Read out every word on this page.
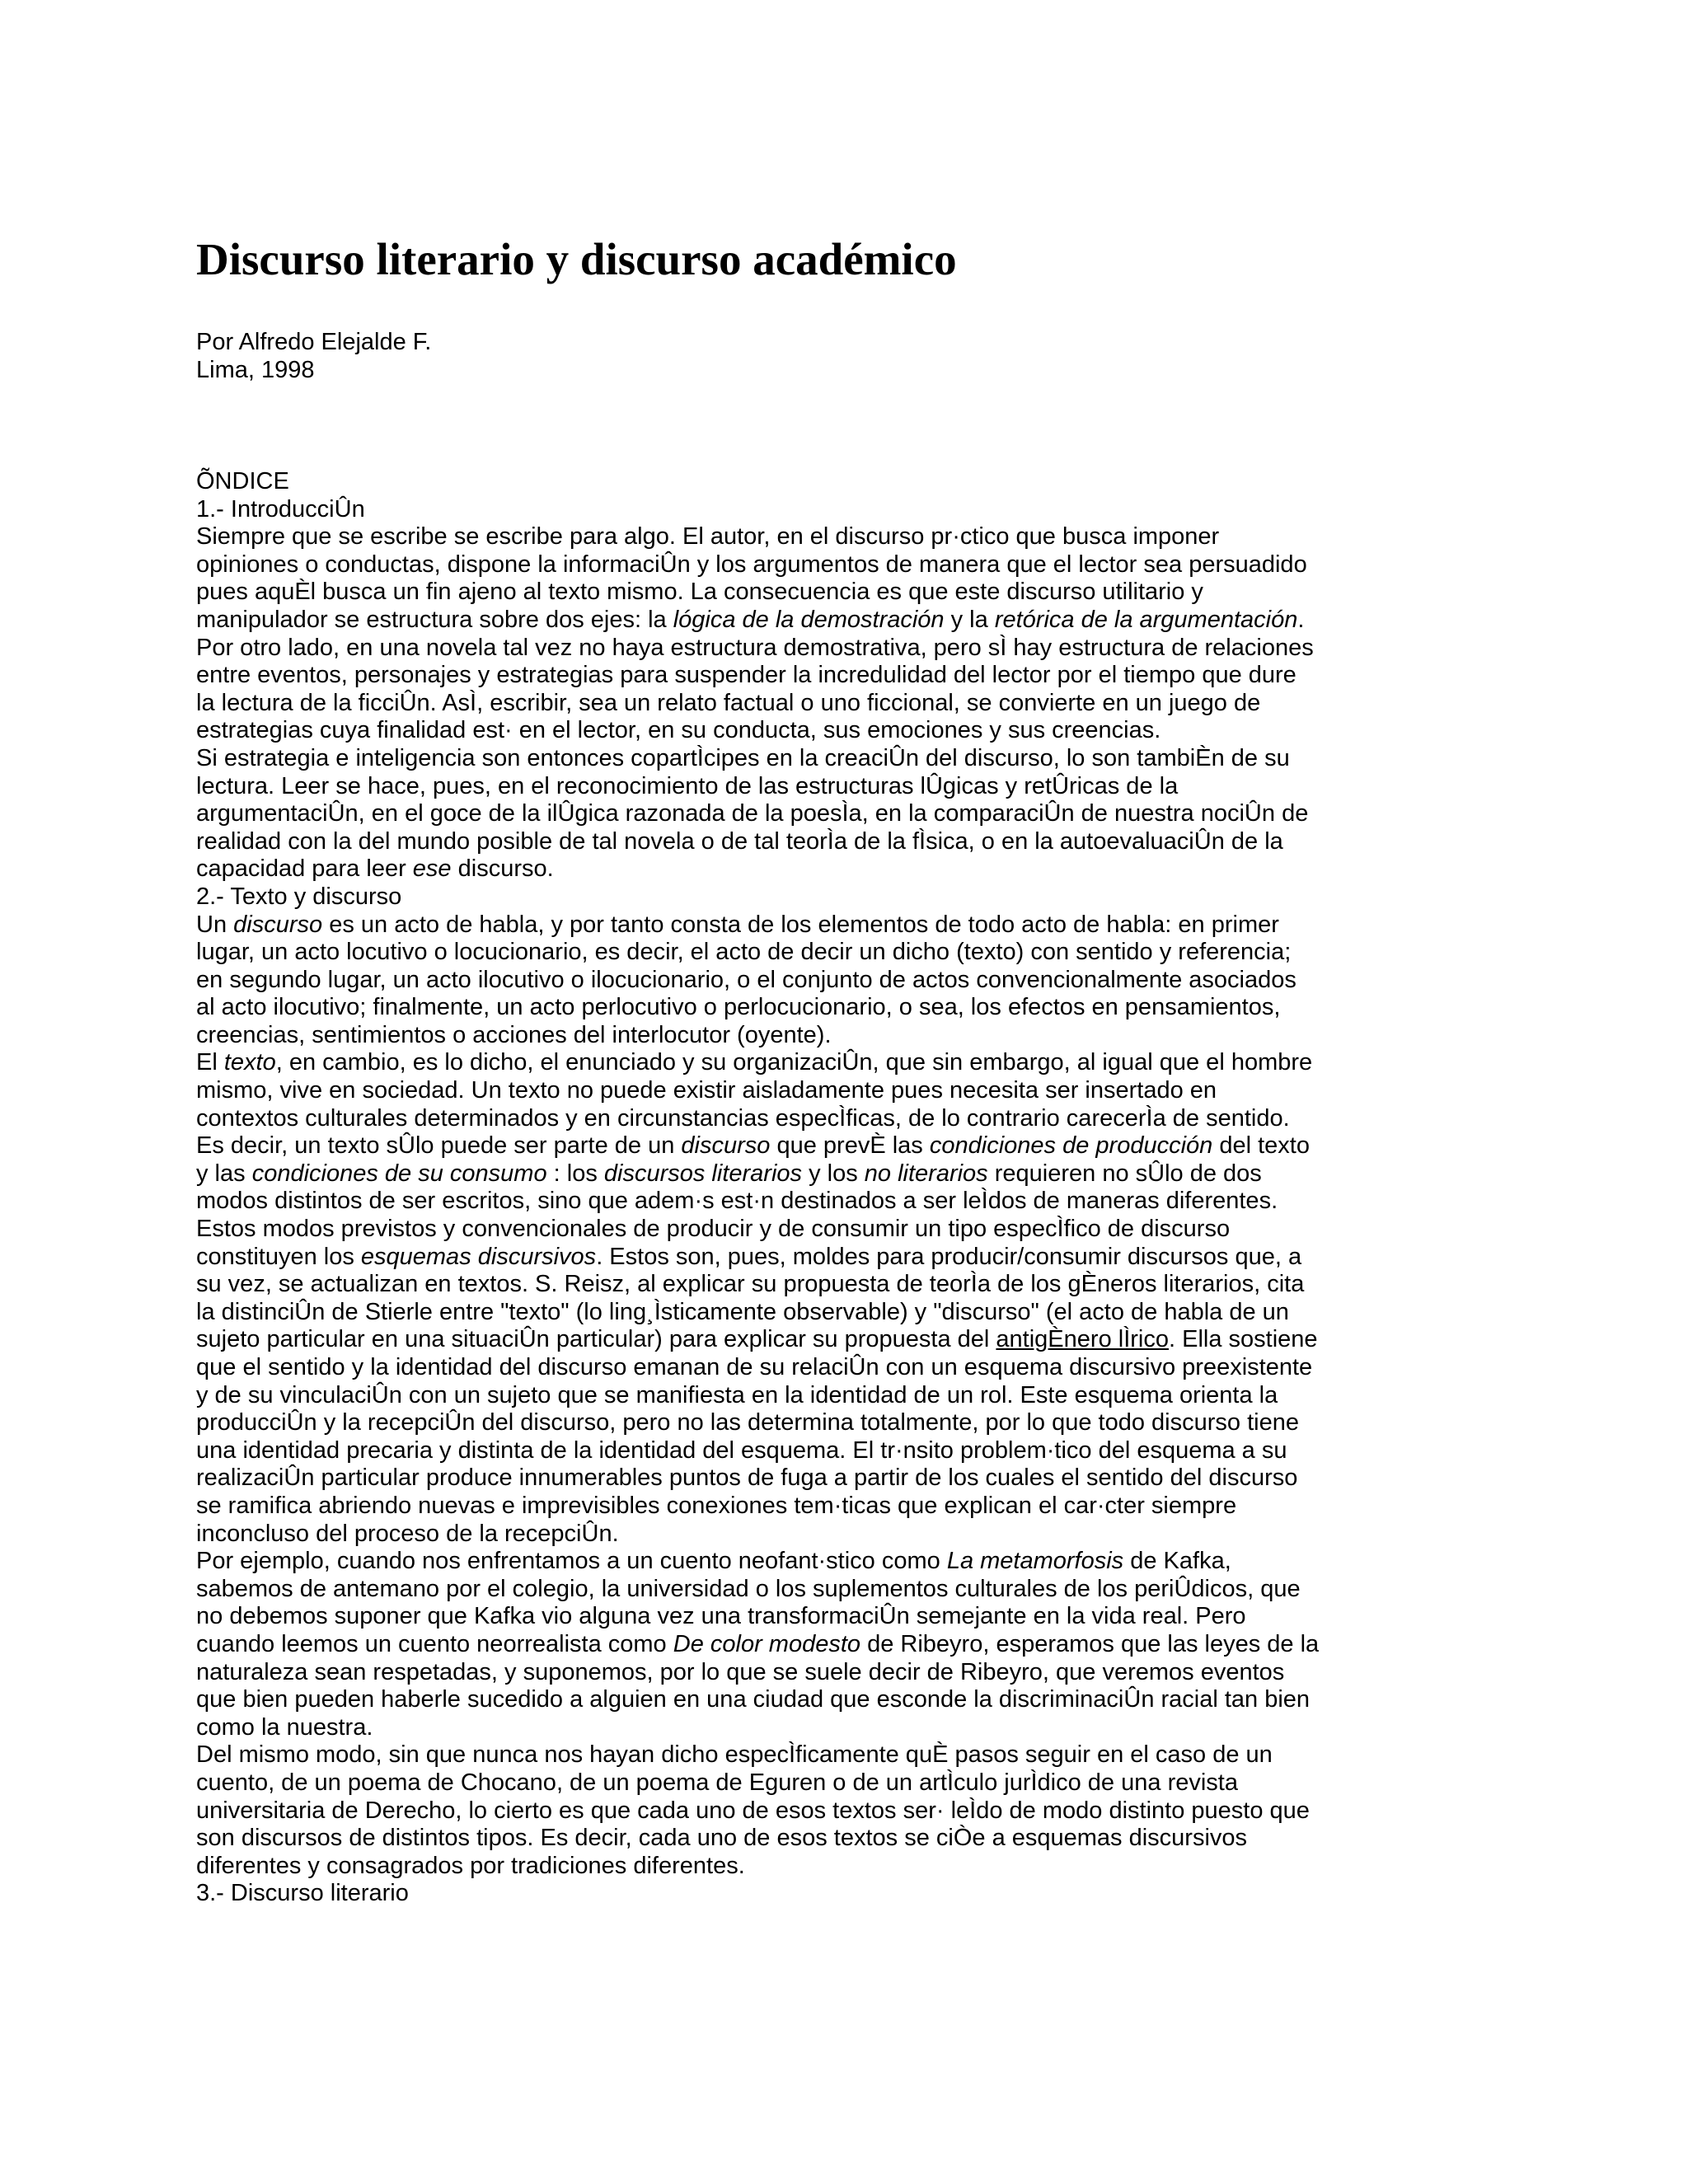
Discurso literario y discurso académico
Por Alfredo Elejalde F.
Lima, 1998

ÕNDICE

1.- IntroducciÛn

Siempre que se escribe se escribe para algo. El autor, en el discurso pr·ctico que busca imponer
opiniones o conductas, dispone la informaciÛn y los argumentos de manera que el lector sea persuadido
pues aquÈl busca un fin ajeno al texto mismo. La consecuencia es que este discurso utilitario y
manipulador se estructura sobre dos ejes: la lógica de la demostración y la retórica de la argumentación.
Por otro lado, en una novela tal vez no haya estructura demostrativa, pero sÌ hay estructura de relaciones
entre eventos, personajes y estrategias para suspender la incredulidad del lector por el tiempo que dure
la lectura de la ficciÛn. AsÌ, escribir, sea un relato factual o uno ficcional, se convierte en un juego de
estrategias cuya finalidad est· en el lector, en su conducta, sus emociones y sus creencias.

Si estrategia e inteligencia son entonces copartÌcipes en la creaciÛn del discurso, lo son tambiÈn de su
lectura. Leer se hace, pues, en el reconocimiento de las estructuras lÛgicas y retÛricas de la
argumentaciÛn, en el goce de la ilÛgica razonada de la poesÌa, en la comparaciÛn de nuestra nociÛn de
realidad con la del mundo posible de tal novela o de tal teorÌa de la fÌsica, o en la autoevaluaciÛn de la
capacidad para leer ese discurso.

2.- Texto y discurso

Un discurso es un acto de habla, y por tanto consta de los elementos de todo acto de habla: en primer
lugar, un acto locutivo o locucionario, es decir, el acto de decir un dicho (texto) con sentido y referencia;
en segundo lugar, un acto ilocutivo o ilocucionario, o el conjunto de actos convencionalmente asociados
al acto ilocutivo; finalmente, un acto perlocutivo o perlocucionario, o sea, los efectos en pensamientos,
creencias, sentimientos o acciones del interlocutor (oyente).

El texto, en cambio, es lo dicho, el enunciado y su organizaciÛn, que sin embargo, al igual que el hombre
mismo, vive en sociedad. Un texto no puede existir aisladamente pues necesita ser insertado en
contextos culturales determinados y en circunstancias especÌficas, de lo contrario carecerÌa de sentido.
Es decir, un texto sÛlo puede ser parte de un discurso que prevÈ las condiciones de producción del texto
y las condiciones de su consumo : los discursos literarios y los no literarios requieren no sÛlo de dos
modos distintos de ser escritos, sino que adem·s est·n destinados a ser leÌdos de maneras diferentes.
Estos modos previstos y convencionales de producir y de consumir un tipo especÌfico de discurso
constituyen los esquemas discursivos. Estos son, pues, moldes para producir/consumir discursos que, a
su vez, se actualizan en textos. S. Reisz, al explicar su propuesta de teorÌa de los gÈneros literarios, cita
la distinciÛn de Stierle entre "texto" (lo ling¸Ìsticamente observable) y "discurso" (el acto de habla de un
sujeto particular en una situaciÛn particular) para explicar su propuesta del antigÈnero lÌrico. Ella sostiene
que el sentido y la identidad del discurso emanan de su relaciÛn con un esquema discursivo preexistente
y de su vinculaciÛn con un sujeto que se manifiesta en la identidad de un rol. Este esquema orienta la
producciÛn y la recepciÛn del discurso, pero no las determina totalmente, por lo que todo discurso tiene
una identidad precaria y distinta de la identidad del esquema. El tr·nsito problem·tico del esquema a su
realizaciÛn particular produce innumerables puntos de fuga a partir de los cuales el sentido del discurso
se ramifica abriendo nuevas e imprevisibles conexiones tem·ticas que explican el car·cter siempre
inconcluso del proceso de la recepciÛn.

Por ejemplo, cuando nos enfrentamos a un cuento neofant·stico como La metamorfosis de Kafka,
sabemos de antemano por el colegio, la universidad o los suplementos culturales de los periÛdicos, que
no debemos suponer que Kafka vio alguna vez una transformaciÛn semejante en la vida real. Pero
cuando leemos un cuento neorrealista como De color modesto de Ribeyro, esperamos que las leyes de la
naturaleza sean respetadas, y suponemos, por lo que se suele decir de Ribeyro, que veremos eventos
que bien pueden haberle sucedido a alguien en una ciudad que esconde la discriminaciÛn racial tan bien
como la nuestra.

Del mismo modo, sin que nunca nos hayan dicho especÌficamente quÈ pasos seguir en el caso de un
cuento, de un poema de Chocano, de un poema de Eguren o de un artÌculo jurÌdico de una revista
universitaria de Derecho, lo cierto es que cada uno de esos textos ser· leÌdo de modo distinto puesto que
son discursos de distintos tipos. Es decir, cada uno de esos textos se ciÒe a esquemas discursivos
diferentes y consagrados por tradiciones diferentes.

3.- Discurso literario
